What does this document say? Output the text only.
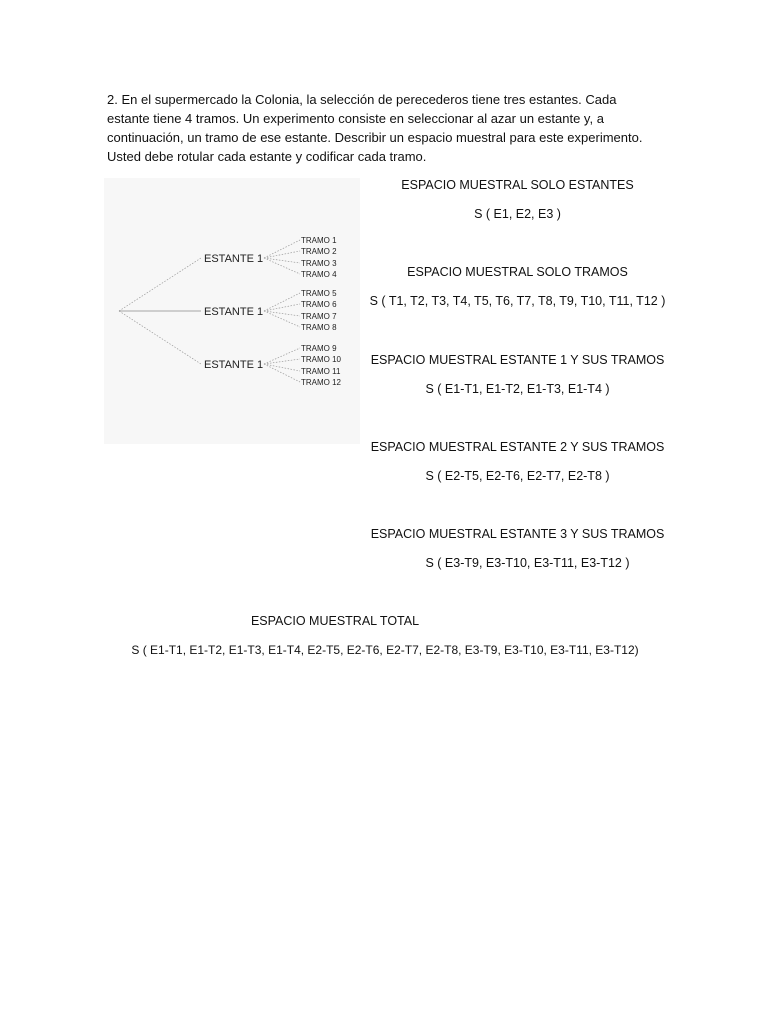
2. En el supermercado la Colonia, la selección de perecederos tiene tres estantes. Cada estante tiene 4 tramos. Un experimento consiste en seleccionar al azar un estante y, a continuación, un tramo de ese estante. Describir un espacio muestral para este experimento. Usted debe rotular cada estante y codificar cada tramo.

ESTANTE 1
TRAMO 1
TRAMO 2
TRAMO 3
TRAMO 4
ESTANTE 1
TRAMO 5
TRAMO 6
TRAMO 7
TRAMO 8
ESTANTE 1
TRAMO 9
TRAMO 10
TRAMO 11
TRAMO 12

ESPACIO MUESTRAL SOLO ESTANTES

S ( E1, E2, E3 )

ESPACIO MUESTRAL SOLO TRAMOS

S ( T1, T2, T3, T4, T5, T6, T7, T8, T9, T10, T11, T12 )

ESPACIO MUESTRAL ESTANTE 1 Y SUS TRAMOS

S ( E1-T1, E1-T2, E1-T3, E1-T4 )

ESPACIO MUESTRAL ESTANTE 2 Y SUS TRAMOS

S ( E2-T5, E2-T6, E2-T7, E2-T8 )

ESPACIO MUESTRAL ESTANTE 3 Y SUS TRAMOS

S ( E3-T9, E3-T10, E3-T11, E3-T12 )

ESPACIO MUESTRAL TOTAL

S ( E1-T1, E1-T2, E1-T3, E1-T4, E2-T5, E2-T6, E2-T7, E2-T8, E3-T9, E3-T10, E3-T11, E3-T12)
